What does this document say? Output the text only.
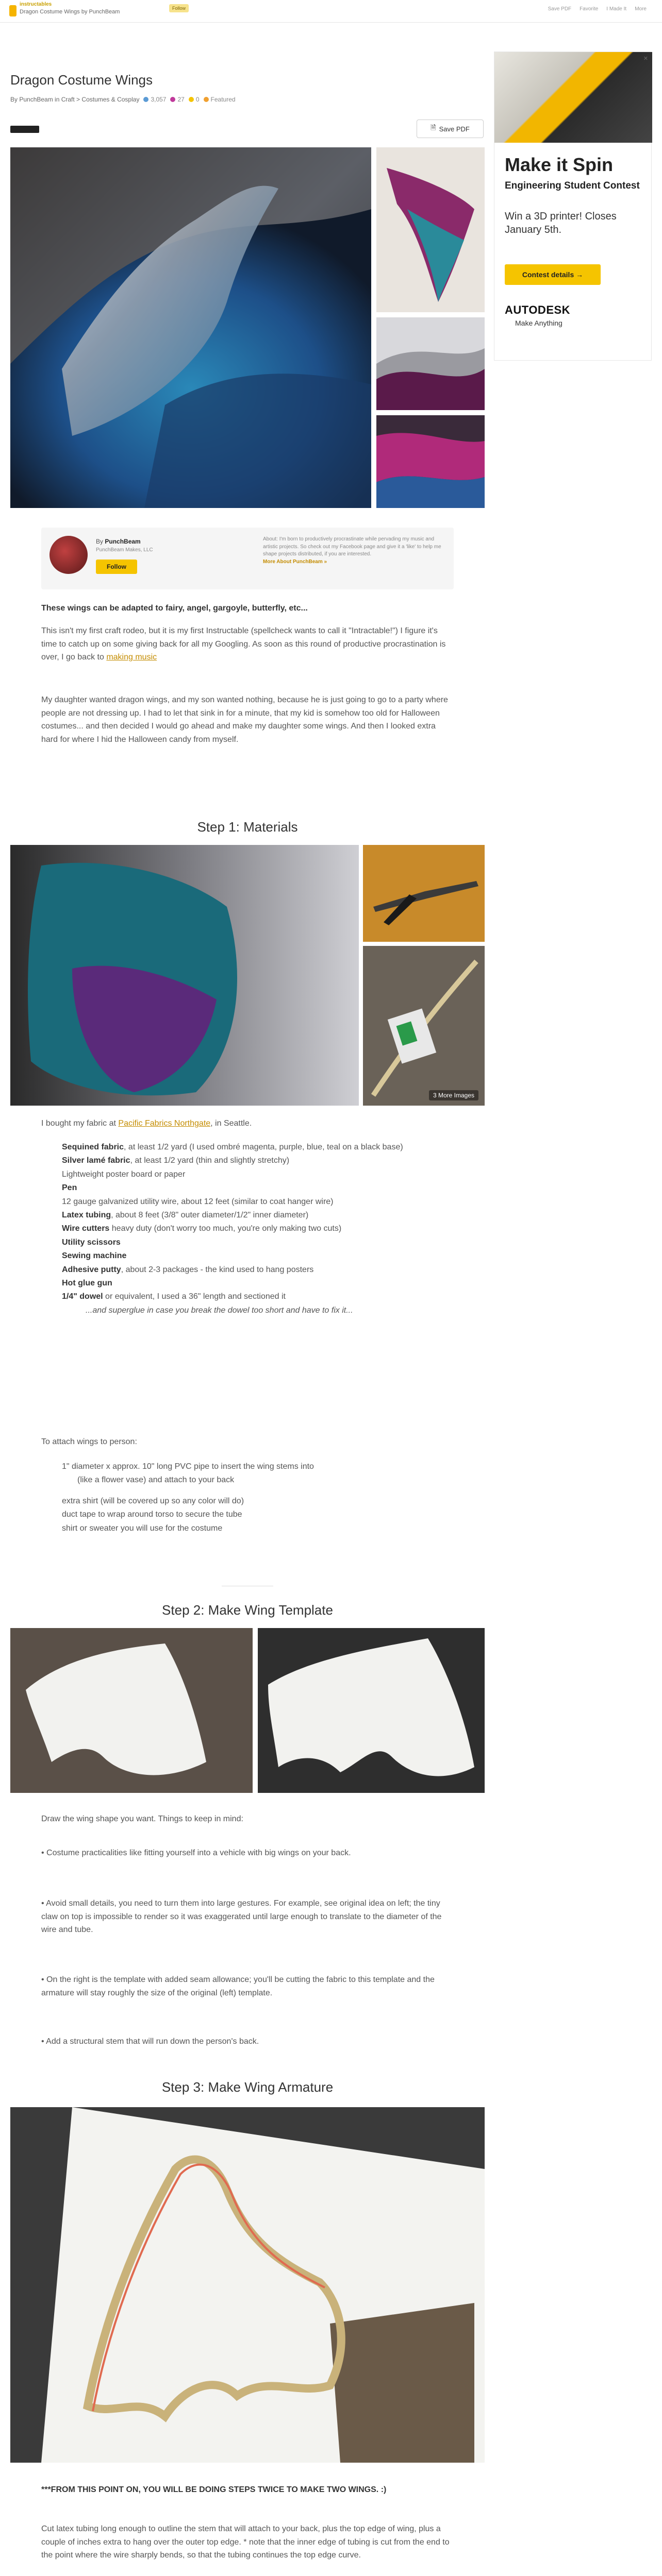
instructables
Dragon Costume Wings by PunchBeam
Follow	Save PDF Favorite I Made It More
Dragon Costume Wings
By PunchBeam in Craft > Costumes & Cosplay 3,057 27 0 Featured
🗎 Save PDF
✕
Make it Spin
Engineering Student Contest
Win a 3D printer! Closes January 5th.
Contest details →
AUTODESK
Make Anything
By PunchBeam
PunchBeam Makes, LLC
Follow
About: I'm born to productively procrastinate while pervading my music and artistic projects. So check out my Facebook page and give it a 'like' to help me shape projects distributed, if you are interested.
More About PunchBeam »
These wings can be adapted to fairy, angel, gargoyle, butterfly, etc...
This isn't my first craft rodeo, but it is my first Instructable (spellcheck wants to call it "Intractable!") I figure it's time to catch up on some giving back for all my Googling. As soon as this round of productive procrastination is over, I go back to making music
My daughter wanted dragon wings, and my son wanted nothing, because he is just going to go to a party where people are not dressing up. I had to let that sink in for a minute, that my kid is somehow too old for Halloween costumes... and then decided I would go ahead and make my daughter some wings. And then I looked extra hard for where I hid the Halloween candy from myself.
Step 1: Materials
3 More Images
I bought my fabric at Pacific Fabrics Northgate, in Seattle.
Sequined fabric, at least 1/2 yard (I used ombré magenta, purple, blue, teal on a black base)
Silver lamé fabric, at least 1/2 yard (thin and slightly stretchy)
Lightweight poster board or paper
Pen
12 gauge galvanized utility wire, about 12 feet (similar to coat hanger wire)
Latex tubing, about 8 feet (3/8" outer diameter/1/2" inner diameter)
Wire cutters heavy duty (don't worry too much, you're only making two cuts)
Utility scissors
Sewing machine
Adhesive putty, about 2-3 packages - the kind used to hang posters
Hot glue gun
1/4" dowel or equivalent, I used a 36" length and sectioned it
...and superglue in case you break the dowel too short and have to fix it...
To attach wings to person:
1" diameter x approx. 10" long PVC pipe to insert the wing stems into
(like a flower vase) and attach to your back
extra shirt (will be covered up so any color will do)
duct tape to wrap around torso to secure the tube
shirt or sweater you will use for the costume
Step 2: Make Wing Template
Draw the wing shape you want. Things to keep in mind:
• Costume practicalities like fitting yourself into a vehicle with big wings on your back.
• Avoid small details, you need to turn them into large gestures. For example, see original idea on left; the tiny claw on top is impossible to render so it was exaggerated until large enough to translate to the diameter of the wire and tube.
• On the right is the template with added seam allowance; you'll be cutting the fabric to this template and the armature will stay roughly the size of the original (left) template.
• Add a structural stem that will run down the person's back.
Step 3: Make Wing Armature
***FROM THIS POINT ON, YOU WILL BE DOING STEPS TWICE TO MAKE TWO WINGS. :)
Cut latex tubing long enough to outline the stem that will attach to your back, plus the top edge of wing, plus a couple of inches extra to hang over the outer top edge. * note that the inner edge of tubing is cut from the end to the point where the wire sharply bends, so that the tubing continues the top edge curve.
